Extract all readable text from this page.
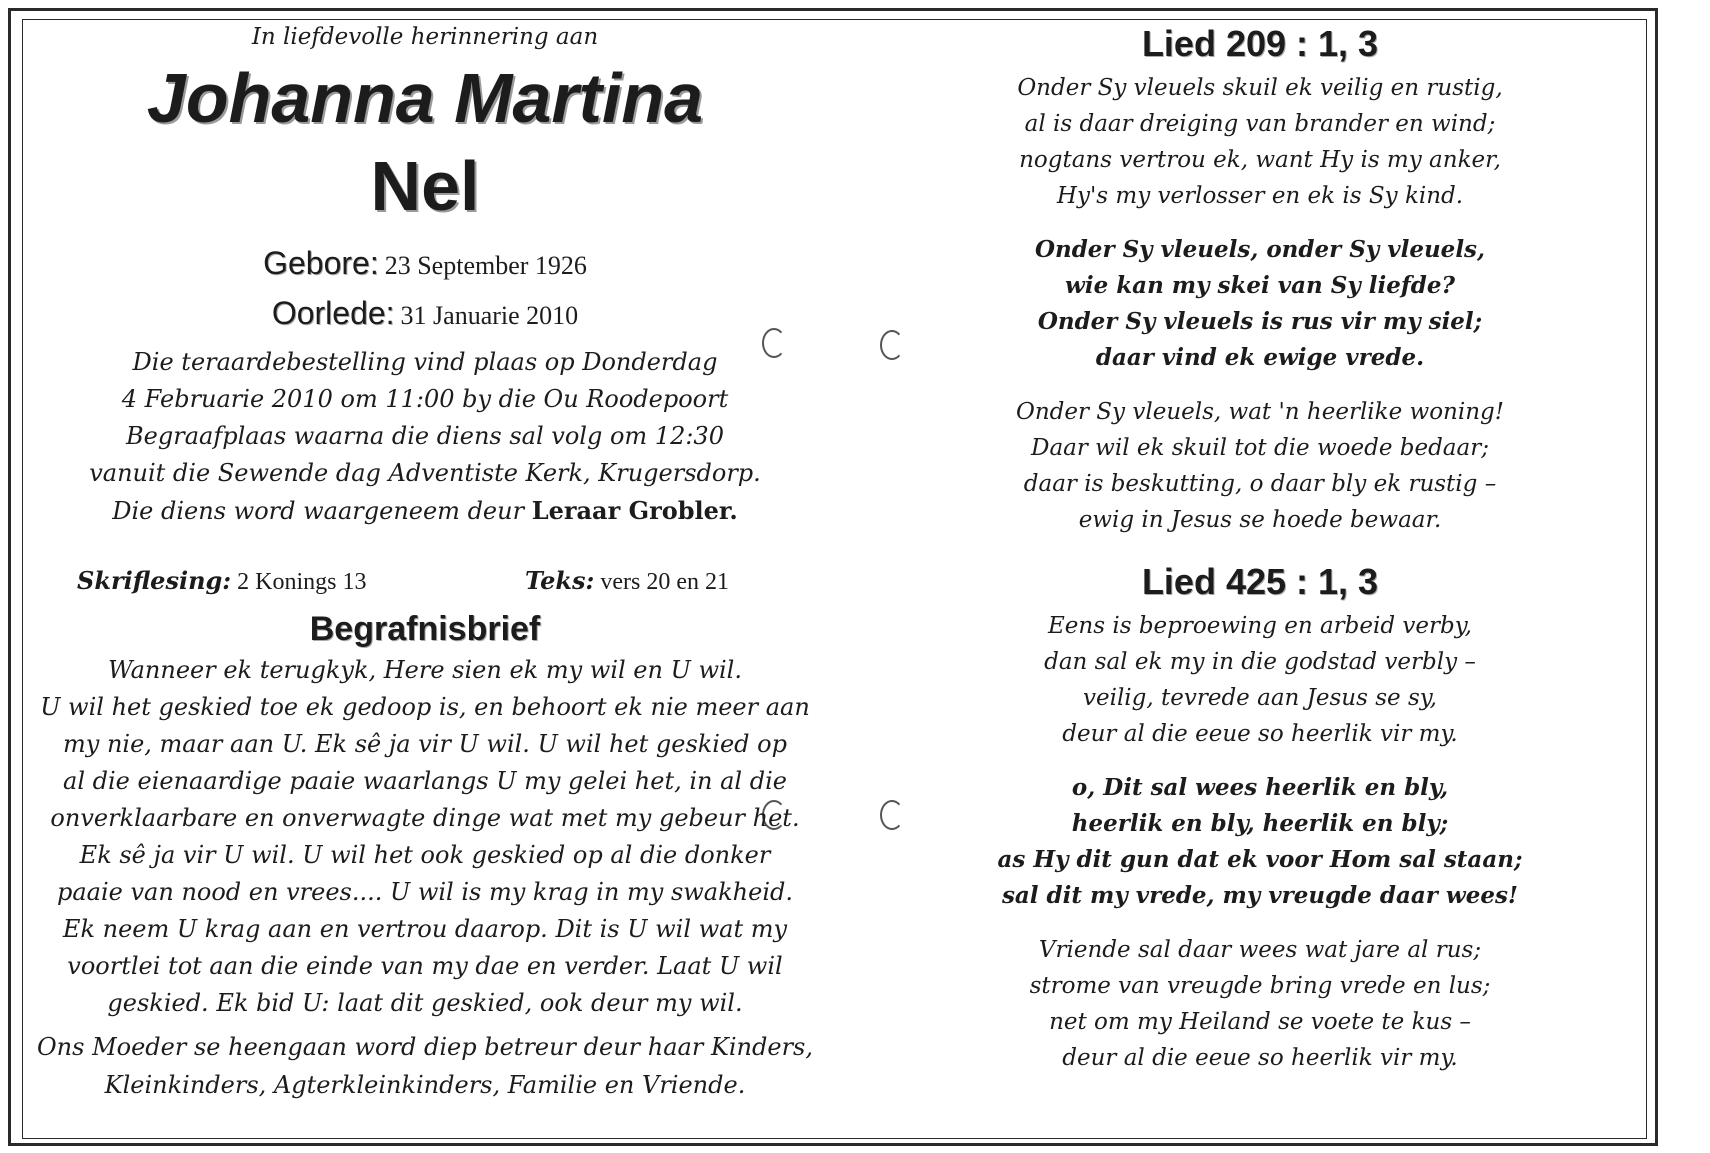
In liefdevolle herinnering aan

Johanna Martina
Nel

Gebore: 23 September 1926

Oorlede: 31 Januarie 2010

Die teraardebestelling vind plaas op Donderdag
4 Februarie 2010 om 11:00 by die Ou Roodepoort
Begraafplaas waarna die diens sal volg om 12:30
vanuit die Sewende dag Adventiste Kerk, Krugersdorp.
Die diens word waargeneem deur Leraar Grobler.
Skriflesing: 2 Konings 13	Teks: vers 20 en 21
Begrafnisbrief
Wanneer ek terugkyk, Here sien ek my wil en U wil.
U wil het geskied toe ek gedoop is, en behoort ek nie meer aan
my nie, maar aan U. Ek sê ja vir U wil. U wil het geskied op
al die eienaardige paaie waarlangs U my gelei het, in al die
onverklaarbare en onverwagte dinge wat met my gebeur het.
Ek sê ja vir U wil. U wil het ook geskied op al die donker
paaie van nood en vrees.... U wil is my krag in my swakheid.
Ek neem U krag aan en vertrou daarop. Dit is U wil wat my
voortlei tot aan die einde van my dae en verder. Laat U wil
geskied. Ek bid U: laat dit geskied, ook deur my wil.
Ons Moeder se heengaan word diep betreur deur haar Kinders,
Kleinkinders, Agterkleinkinders, Familie en Vriende.
Lied 209 : 1, 3
Onder Sy vleuels skuil ek veilig en rustig,
al is daar dreiging van brander en wind;
nogtans vertrou ek, want Hy is my anker,
Hy's my verlosser en ek is Sy kind.
Onder Sy vleuels, onder Sy vleuels,
wie kan my skei van Sy liefde?
Onder Sy vleuels is rus vir my siel;
daar vind ek ewige vrede.
Onder Sy vleuels, wat 'n heerlike woning!
Daar wil ek skuil tot die woede bedaar;
daar is beskutting, o daar bly ek rustig –
ewig in Jesus se hoede bewaar.
Lied 425 : 1, 3
Eens is beproewing en arbeid verby,
dan sal ek my in die godstad verbly –
veilig, tevrede aan Jesus se sy,
deur al die eeue so heerlik vir my.
o, Dit sal wees heerlik en bly,
heerlik en bly, heerlik en bly;
as Hy dit gun dat ek voor Hom sal staan;
sal dit my vrede, my vreugde daar wees!
Vriende sal daar wees wat jare al rus;
strome van vreugde bring vrede en lus;
net om my Heiland se voete te kus –
deur al die eeue so heerlik vir my.
